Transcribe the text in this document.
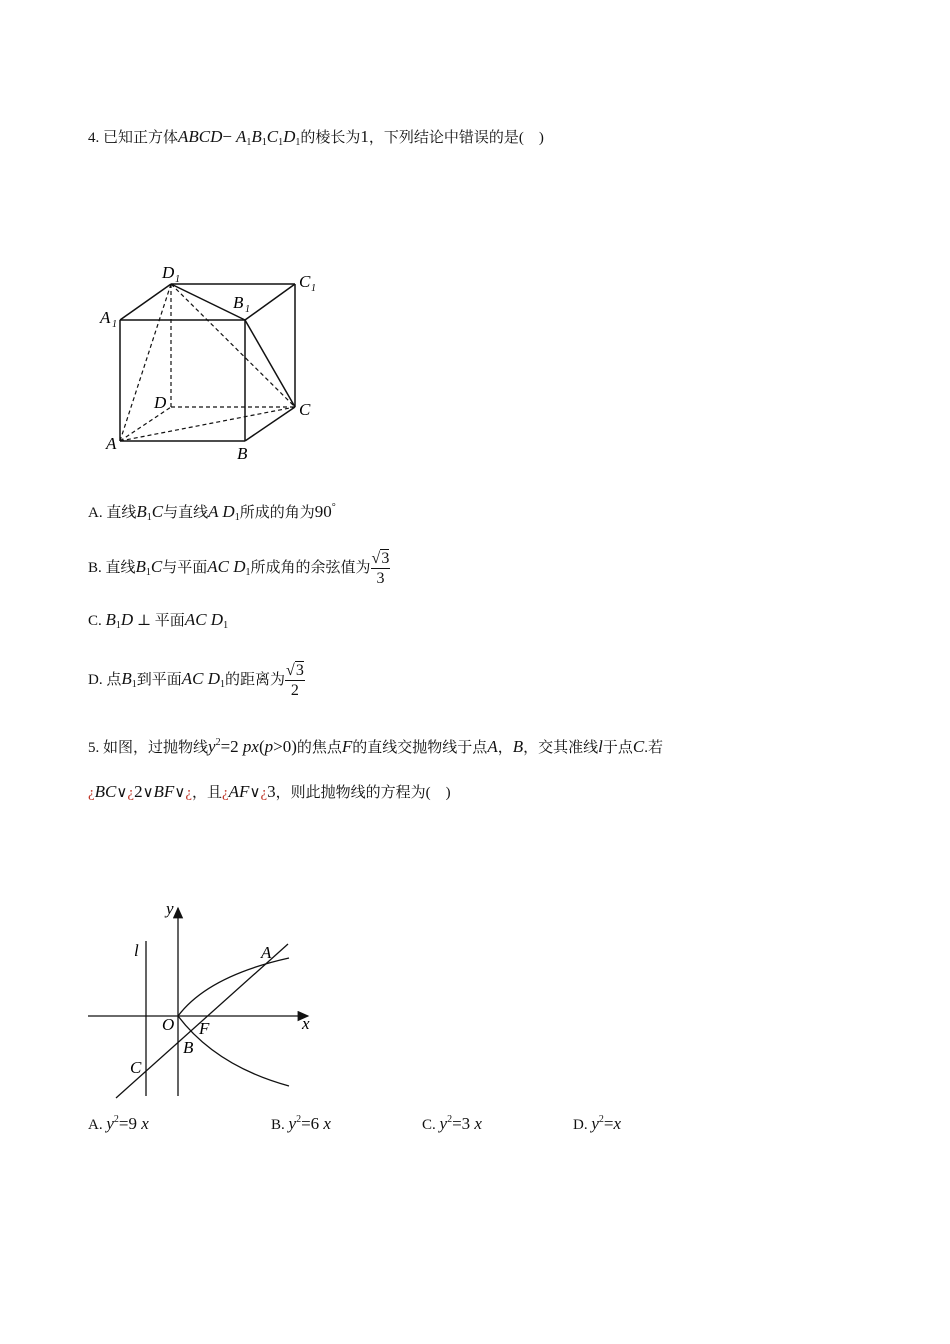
4. 已知正方体ABCD− $A_1B_1C_1D_1$的棱长为1，下列结论中错误的是(　)
D 1	C 1
B 1
A 1
D	C
A
B
A. 直线$B_1C$与直线A $D_1$所成的角为90°
B. 直线$B_1C$与平面AC $D_1$所成角的余弦值为 $\frac{√3}{3}$
C. $B_1D$ ⊥ 平面AC $D_1$
D. 点$B_1$到平面AC $D_1$的距离为 $\frac{√3}{2}$
5. 如图，过抛物线$y^2=2$ px(p>0)的焦点F的直线交抛物线于点A，B，交其准线l于点C.若
¿BC∨¿2∨BF∨¿，且¿AF∨¿3，则此抛物线的方程为(　)
y
x
l	A
O F
B
C
A. $y^2=9$ x	B. $y^2=6$ x	C. $y^2=3$ x	D. $y^2=x$
